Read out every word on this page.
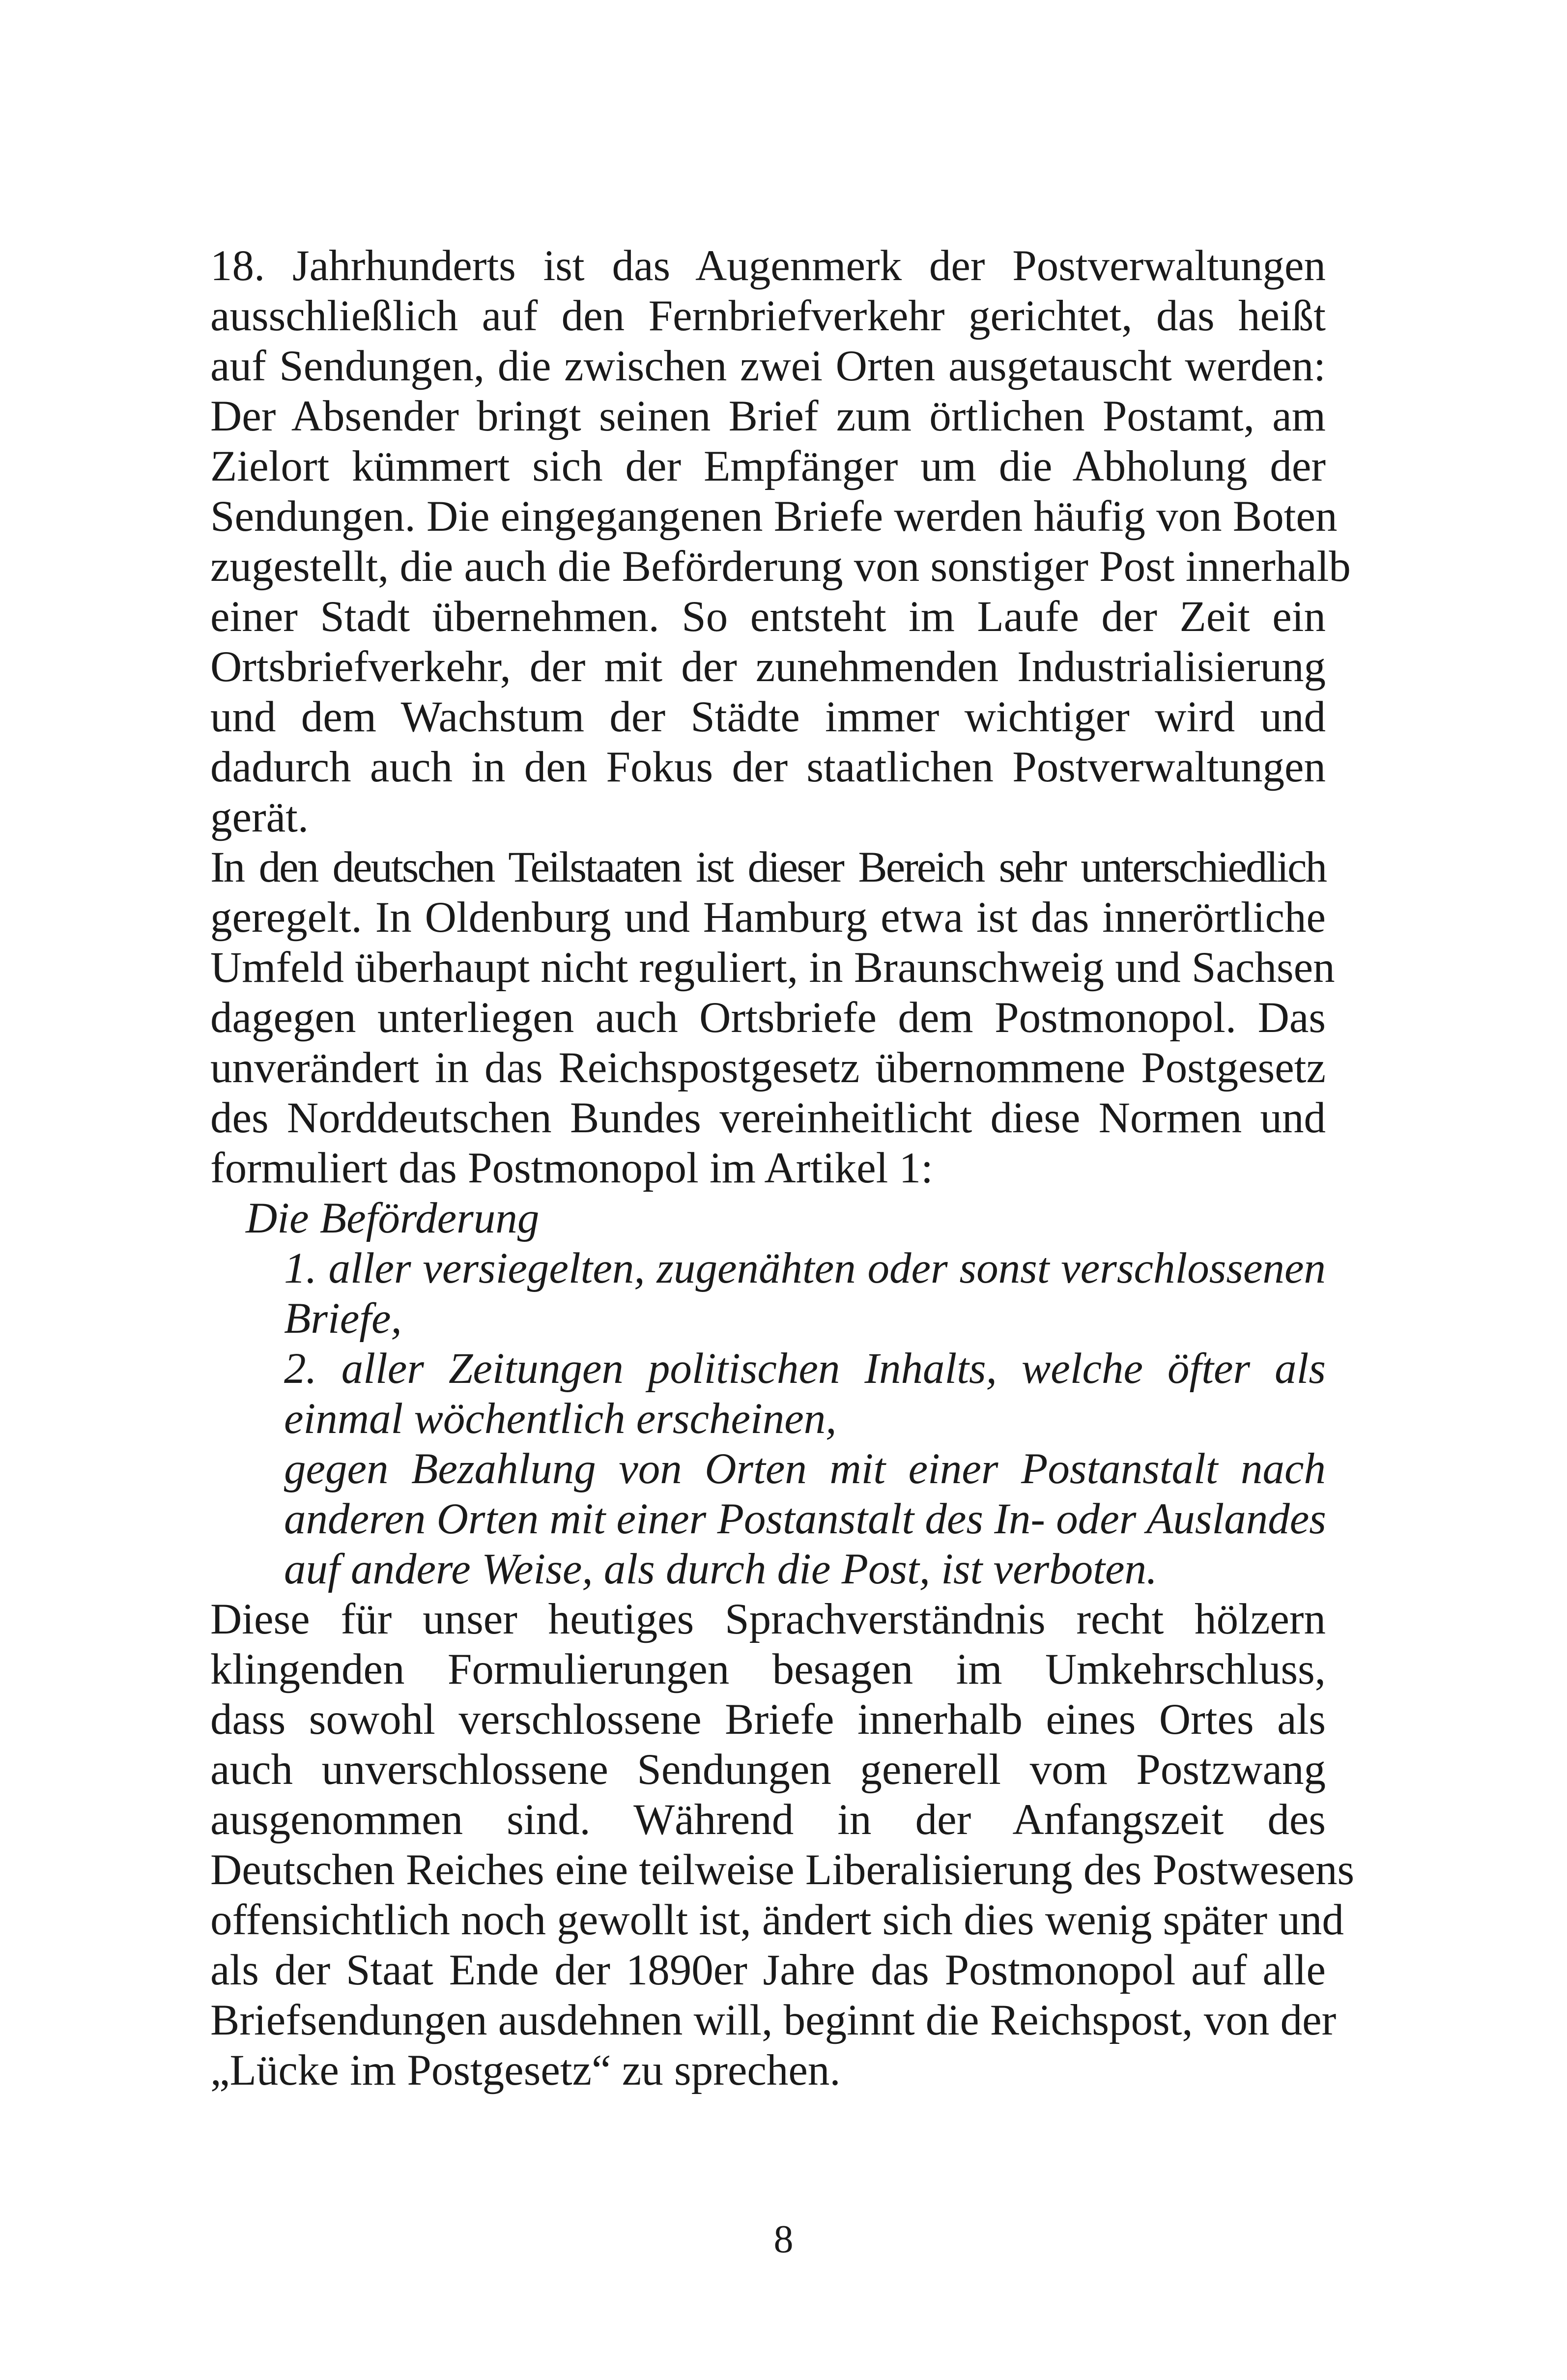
18. Jahrhunderts ist das Augenmerk der Postverwaltungen
ausschließlich auf den Fernbriefverkehr gerichtet, das heißt
auf Sendungen, die zwischen zwei Orten ausgetauscht werden:
Der Absender bringt seinen Brief zum örtlichen Postamt, am
Zielort kümmert sich der Empfänger um die Abholung der
Sendungen. Die eingegangenen Briefe werden häufig von Boten
zugestellt, die auch die Beförderung von sonstiger Post innerhalb
einer Stadt übernehmen. So entsteht im Laufe der Zeit ein
Ortsbriefverkehr, der mit der zunehmenden Industrialisierung
und dem Wachstum der Städte immer wichtiger wird und
dadurch auch in den Fokus der staatlichen Postverwaltungen
gerät.
In den deutschen Teilstaaten ist dieser Bereich sehr unterschiedlich
geregelt. In Oldenburg und Hamburg etwa ist das innerörtliche
Umfeld überhaupt nicht reguliert, in Braunschweig und Sachsen
dagegen unterliegen auch Ortsbriefe dem Postmonopol. Das
unverändert in das Reichspostgesetz übernommene Postgesetz
des Norddeutschen Bundes vereinheitlicht diese Normen und
formuliert das Postmonopol im Artikel 1:
Die Beförderung
1. aller versiegelten, zugenähten oder sonst verschlossenen
Briefe,
2. aller Zeitungen politischen Inhalts, welche öfter als
einmal wöchentlich erscheinen,
gegen Bezahlung von Orten mit einer Postanstalt nach
anderen Orten mit einer Postanstalt des In- oder Auslandes
auf andere Weise, als durch die Post, ist verboten.
Diese für unser heutiges Sprachverständnis recht hölzern
klingenden Formulierungen besagen im Umkehrschluss,
dass sowohl verschlossene Briefe innerhalb eines Ortes als
auch unverschlossene Sendungen generell vom Postzwang
ausgenommen sind. Während in der Anfangszeit des
Deutschen Reiches eine teilweise Liberalisierung des Postwesens
offensichtlich noch gewollt ist, ändert sich dies wenig später und
als der Staat Ende der 1890er Jahre das Postmonopol auf alle
Briefsendungen ausdehnen will, beginnt die Reichspost, von der
„Lücke im Postgesetz“ zu sprechen.
8
